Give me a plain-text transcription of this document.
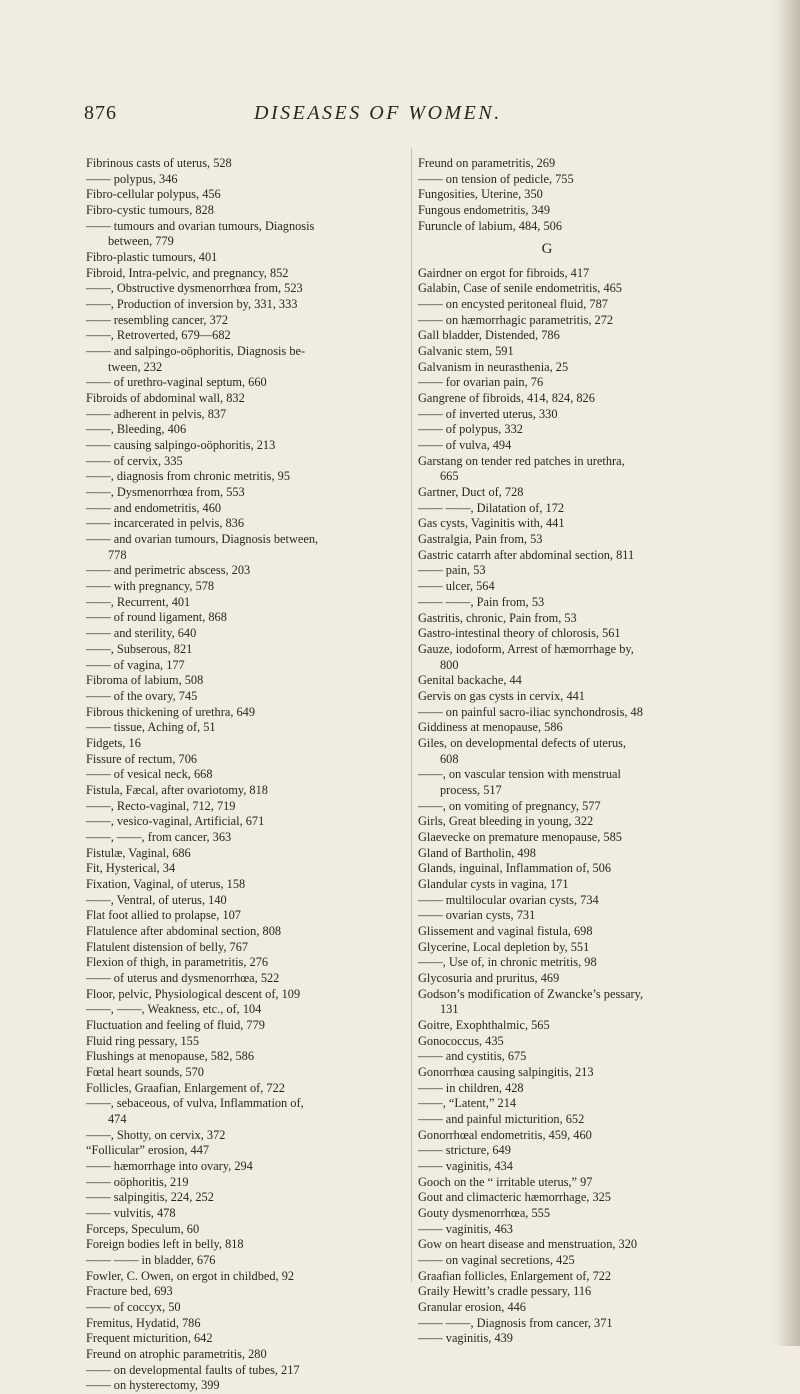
876	DISEASES OF WOMEN.
Fibrinous casts of uterus, 528
—— polypus, 346
Fibro-cellular polypus, 456
Fibro-cystic tumours, 828
—— tumours and ovarian tumours, Diagnosis
between, 779
Fibro-plastic tumours, 401
Fibroid, Intra-pelvic, and pregnancy, 852
——, Obstructive dysmenorrhœa from, 523
——, Production of inversion by, 331, 333
—— resembling cancer, 372
——, Retroverted, 679—682
—— and salpingo-oöphoritis, Diagnosis be-
tween, 232
—— of urethro-vaginal septum, 660
Fibroids of abdominal wall, 832
—— adherent in pelvis, 837
——, Bleeding, 406
—— causing salpingo-oöphoritis, 213
—— of cervix, 335
——, diagnosis from chronic metritis, 95
——, Dysmenorrhœa from, 553
—— and endometritis, 460
—— incarcerated in pelvis, 836
—— and ovarian tumours, Diagnosis between,
778
—— and perimetric abscess, 203
—— with pregnancy, 578
——, Recurrent, 401
—— of round ligament, 868
—— and sterility, 640
——, Subserous, 821
—— of vagina, 177
Fibroma of labium, 508
—— of the ovary, 745
Fibrous thickening of urethra, 649
—— tissue, Aching of, 51
Fidgets, 16
Fissure of rectum, 706
—— of vesical neck, 668
Fistula, Fæcal, after ovariotomy, 818
——, Recto-vaginal, 712, 719
——, vesico-vaginal, Artificial, 671
——, ——, from cancer, 363
Fistulæ, Vaginal, 686
Fit, Hysterical, 34
Fixation, Vaginal, of uterus, 158
——, Ventral, of uterus, 140
Flat foot allied to prolapse, 107
Flatulence after abdominal section, 808
Flatulent distension of belly, 767
Flexion of thigh, in parametritis, 276
—— of uterus and dysmenorrhœa, 522
Floor, pelvic, Physiological descent of, 109
——, ——, Weakness, etc., of, 104
Fluctuation and feeling of fluid, 779
Fluid ring pessary, 155
Flushings at menopause, 582, 586
Fœtal heart sounds, 570
Follicles, Graafian, Enlargement of, 722
——, sebaceous, of vulva, Inflammation of,
474
——, Shotty, on cervix, 372
“Follicular” erosion, 447
—— hæmorrhage into ovary, 294
—— oöphoritis, 219
—— salpingitis, 224, 252
—— vulvitis, 478
Forceps, Speculum, 60
Foreign bodies left in belly, 818
—— —— in bladder, 676
Fowler, C. Owen, on ergot in childbed, 92
Fracture bed, 693
—— of coccyx, 50
Fremitus, Hydatid, 786
Frequent micturition, 642
Freund on atrophic parametritis, 280
—— on developmental faults of tubes, 217
—— on hysterectomy, 399
Freund on parametritis, 269
—— on tension of pedicle, 755
Fungosities, Uterine, 350
Fungous endometritis, 349
Furuncle of labium, 484, 506
G
Gairdner on ergot for fibroids, 417
Galabin, Case of senile endometritis, 465
—— on encysted peritoneal fluid, 787
—— on hæmorrhagic parametritis, 272
Gall bladder, Distended, 786
Galvanic stem, 591
Galvanism in neurasthenia, 25
—— for ovarian pain, 76
Gangrene of fibroids, 414, 824, 826
—— of inverted uterus, 330
—— of polypus, 332
—— of vulva, 494
Garstang on tender red patches in urethra,
665
Gartner, Duct of, 728
—— ——, Dilatation of, 172
Gas cysts, Vaginitis with, 441
Gastralgia, Pain from, 53
Gastric catarrh after abdominal section, 811
—— pain, 53
—— ulcer, 564
—— ——, Pain from, 53
Gastritis, chronic, Pain from, 53
Gastro-intestinal theory of chlorosis, 561
Gauze, iodoform, Arrest of hæmorrhage by,
800
Genital backache, 44
Gervis on gas cysts in cervix, 441
—— on painful sacro-iliac synchondrosis, 48
Giddiness at menopause, 586
Giles, on developmental defects of uterus,
608
——, on vascular tension with menstrual
process, 517
——, on vomiting of pregnancy, 577
Girls, Great bleeding in young, 322
Glaevecke on premature menopause, 585
Gland of Bartholin, 498
Glands, inguinal, Inflammation of, 506
Glandular cysts in vagina, 171
—— multilocular ovarian cysts, 734
—— ovarian cysts, 731
Glissement and vaginal fistula, 698
Glycerine, Local depletion by, 551
——, Use of, in chronic metritis, 98
Glycosuria and pruritus, 469
Godson’s modification of Zwancke’s pessary,
131
Goitre, Exophthalmic, 565
Gonococcus, 435
—— and cystitis, 675
Gonorrhœa causing salpingitis, 213
—— in children, 428
——, “Latent,” 214
—— and painful micturition, 652
Gonorrhœal endometritis, 459, 460
—— stricture, 649
—— vaginitis, 434
Gooch on the “ irritable uterus,” 97
Gout and climacteric hæmorrhage, 325
Gouty dysmenorrhœa, 555
—— vaginitis, 463
Gow on heart disease and menstruation, 320
—— on vaginal secretions, 425
Graafian follicles, Enlargement of, 722
Graily Hewitt’s cradle pessary, 116
Granular erosion, 446
—— ——, Diagnosis from cancer, 371
—— vaginitis, 439
